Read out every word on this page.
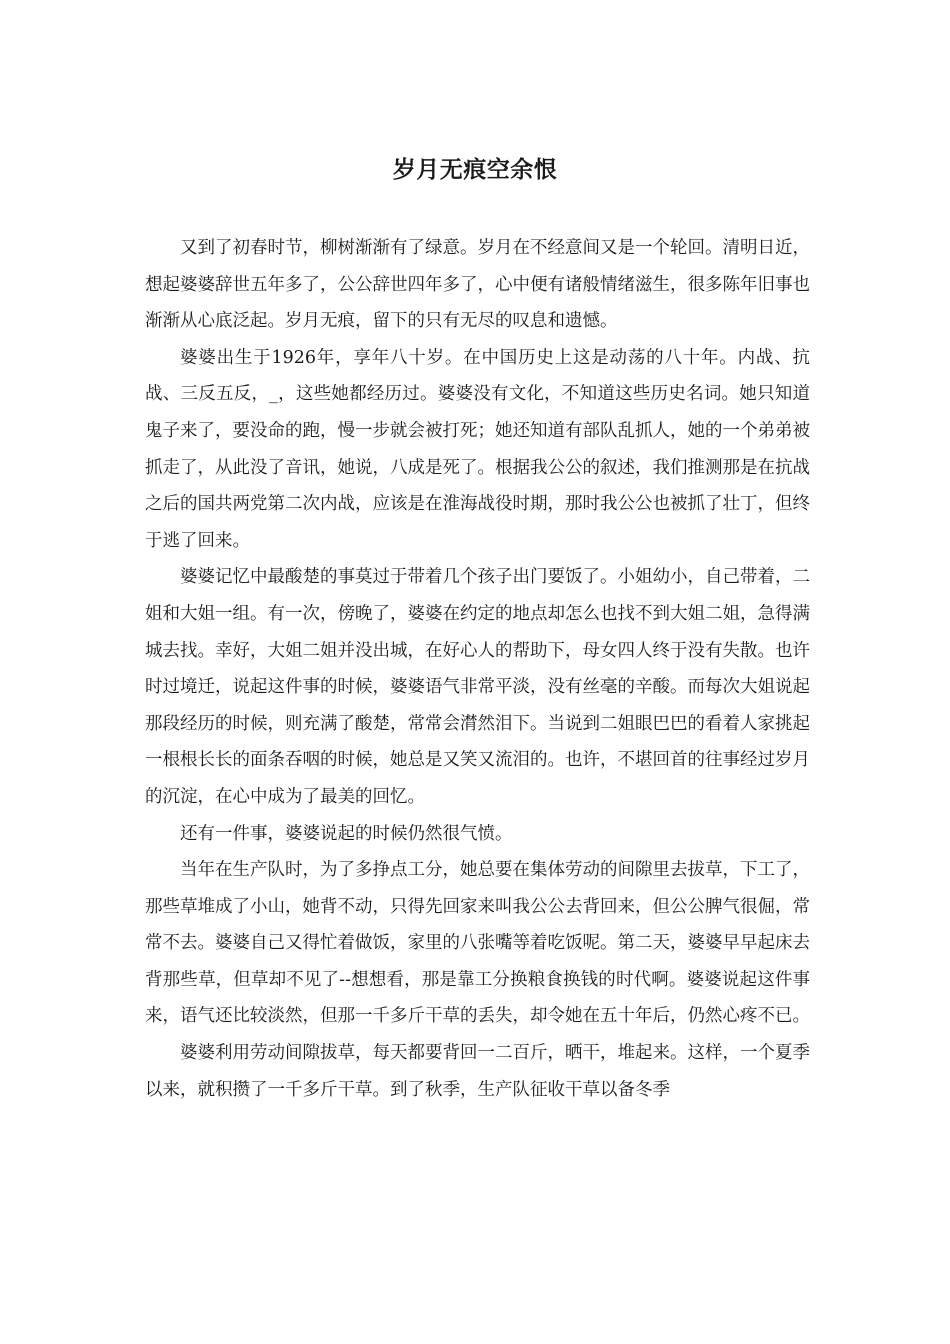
岁月无痕空余恨

又到了初春时节，柳树渐渐有了绿意。岁月在不经意间又是一个轮回。清明日近，想起婆婆辞世五年多了，公公辞世四年多了，心中便有诸般情绪滋生，很多陈年旧事也渐渐从心底泛起。岁月无痕，留下的只有无尽的叹息和遗憾。

婆婆出生于1926年，享年八十岁。在中国历史上这是动荡的八十年。内战、抗战、三反五反，_，这些她都经历过。婆婆没有文化，不知道这些历史名词。她只知道鬼子来了，要没命的跑，慢一步就会被打死；她还知道有部队乱抓人，她的一个弟弟被抓走了，从此没了音讯，她说，八成是死了。根据我公公的叙述，我们推测那是在抗战之后的国共两党第二次内战，应该是在淮海战役时期，那时我公公也被抓了壮丁，但终于逃了回来。

婆婆记忆中最酸楚的事莫过于带着几个孩子出门要饭了。小姐幼小，自己带着，二姐和大姐一组。有一次，傍晚了，婆婆在约定的地点却怎么也找不到大姐二姐，急得满城去找。幸好，大姐二姐并没出城，在好心人的帮助下，母女四人终于没有失散。也许时过境迁，说起这件事的时候，婆婆语气非常平淡，没有丝毫的辛酸。而每次大姐说起那段经历的时候，则充满了酸楚，常常会潸然泪下。当说到二姐眼巴巴的看着人家挑起一根根长长的面条吞咽的时候，她总是又笑又流泪的。也许，不堪回首的往事经过岁月的沉淀，在心中成为了最美的回忆。

还有一件事，婆婆说起的时候仍然很气愤。

当年在生产队时，为了多挣点工分，她总要在集体劳动的间隙里去拔草，下工了，那些草堆成了小山，她背不动，只得先回家来叫我公公去背回来，但公公脾气很倔，常常不去。婆婆自己又得忙着做饭，家里的八张嘴等着吃饭呢。第二天，婆婆早早起床去背那些草，但草却不见了--想想看，那是靠工分换粮食换钱的时代啊。婆婆说起这件事来，语气还比较淡然，但那一千多斤干草的丢失，却令她在五十年后，仍然心疼不已。

婆婆利用劳动间隙拔草，每天都要背回一二百斤，晒干，堆起来。这样，一个夏季以来，就积攒了一千多斤干草。到了秋季，生产队征收干草以备冬季
